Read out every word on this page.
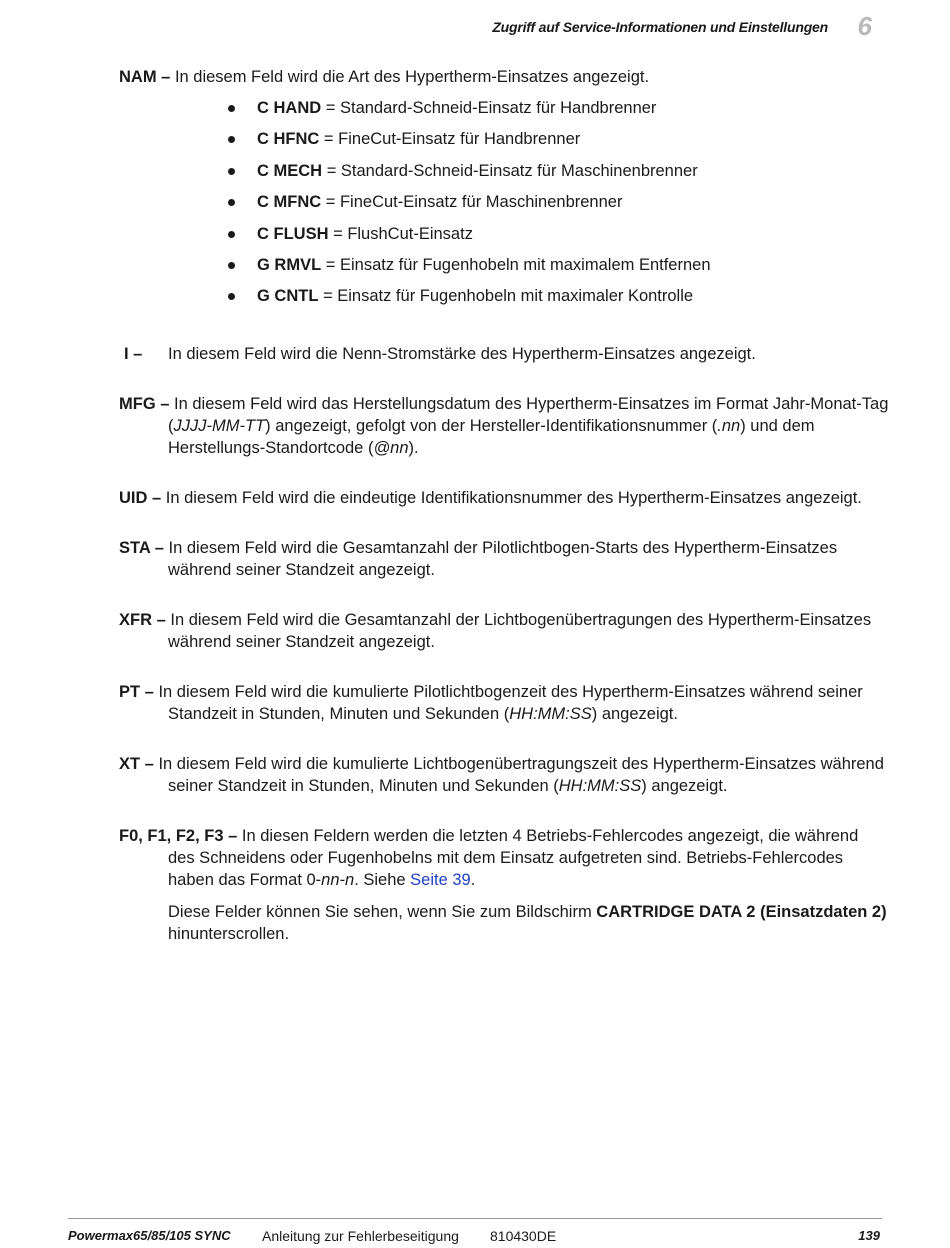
Zugriff auf Service-Informationen und Einstellungen 6
NAM – In diesem Feld wird die Art des Hypertherm-Einsatzes angezeigt.
C HAND = Standard-Schneid-Einsatz für Handbrenner
C HFNC = FineCut-Einsatz für Handbrenner
C MECH = Standard-Schneid-Einsatz für Maschinenbrenner
C MFNC = FineCut-Einsatz für Maschinenbrenner
C FLUSH = FlushCut-Einsatz
G RMVL = Einsatz für Fugenhobeln mit maximalem Entfernen
G CNTL = Einsatz für Fugenhobeln mit maximaler Kontrolle
I – In diesem Feld wird die Nenn-Stromstärke des Hypertherm-Einsatzes angezeigt.
MFG – In diesem Feld wird das Herstellungsdatum des Hypertherm-Einsatzes im Format Jahr-Monat-Tag (JJJJ-MM-TT) angezeigt, gefolgt von der Hersteller-Identifikationsnummer (.nn) und dem Herstellungs-Standortcode (@nn).
UID – In diesem Feld wird die eindeutige Identifikationsnummer des Hypertherm-Einsatzes angezeigt.
STA – In diesem Feld wird die Gesamtanzahl der Pilotlichtbogen-Starts des Hypertherm-Einsatzes während seiner Standzeit angezeigt.
XFR – In diesem Feld wird die Gesamtanzahl der Lichtbogenübertragungen des Hypertherm-Einsatzes während seiner Standzeit angezeigt.
PT – In diesem Feld wird die kumulierte Pilotlichtbogenzeit des Hypertherm-Einsatzes während seiner Standzeit in Stunden, Minuten und Sekunden (HH:MM:SS) angezeigt.
XT – In diesem Feld wird die kumulierte Lichtbogenübertragungszeit des Hypertherm-Einsatzes während seiner Standzeit in Stunden, Minuten und Sekunden (HH:MM:SS) angezeigt.
F0, F1, F2, F3 – In diesen Feldern werden die letzten 4 Betriebs-Fehlercodes angezeigt, die während des Schneidens oder Fugenhobelns mit dem Einsatz aufgetreten sind. Betriebs-Fehlercodes haben das Format 0-nn-n. Siehe Seite 39.
Diese Felder können Sie sehen, wenn Sie zum Bildschirm CARTRIDGE DATA 2 (Einsatzdaten 2) hinunterscrollen.
Powermax65/85/105 SYNC Anleitung zur Fehlerbeseitigung 810430DE	139
